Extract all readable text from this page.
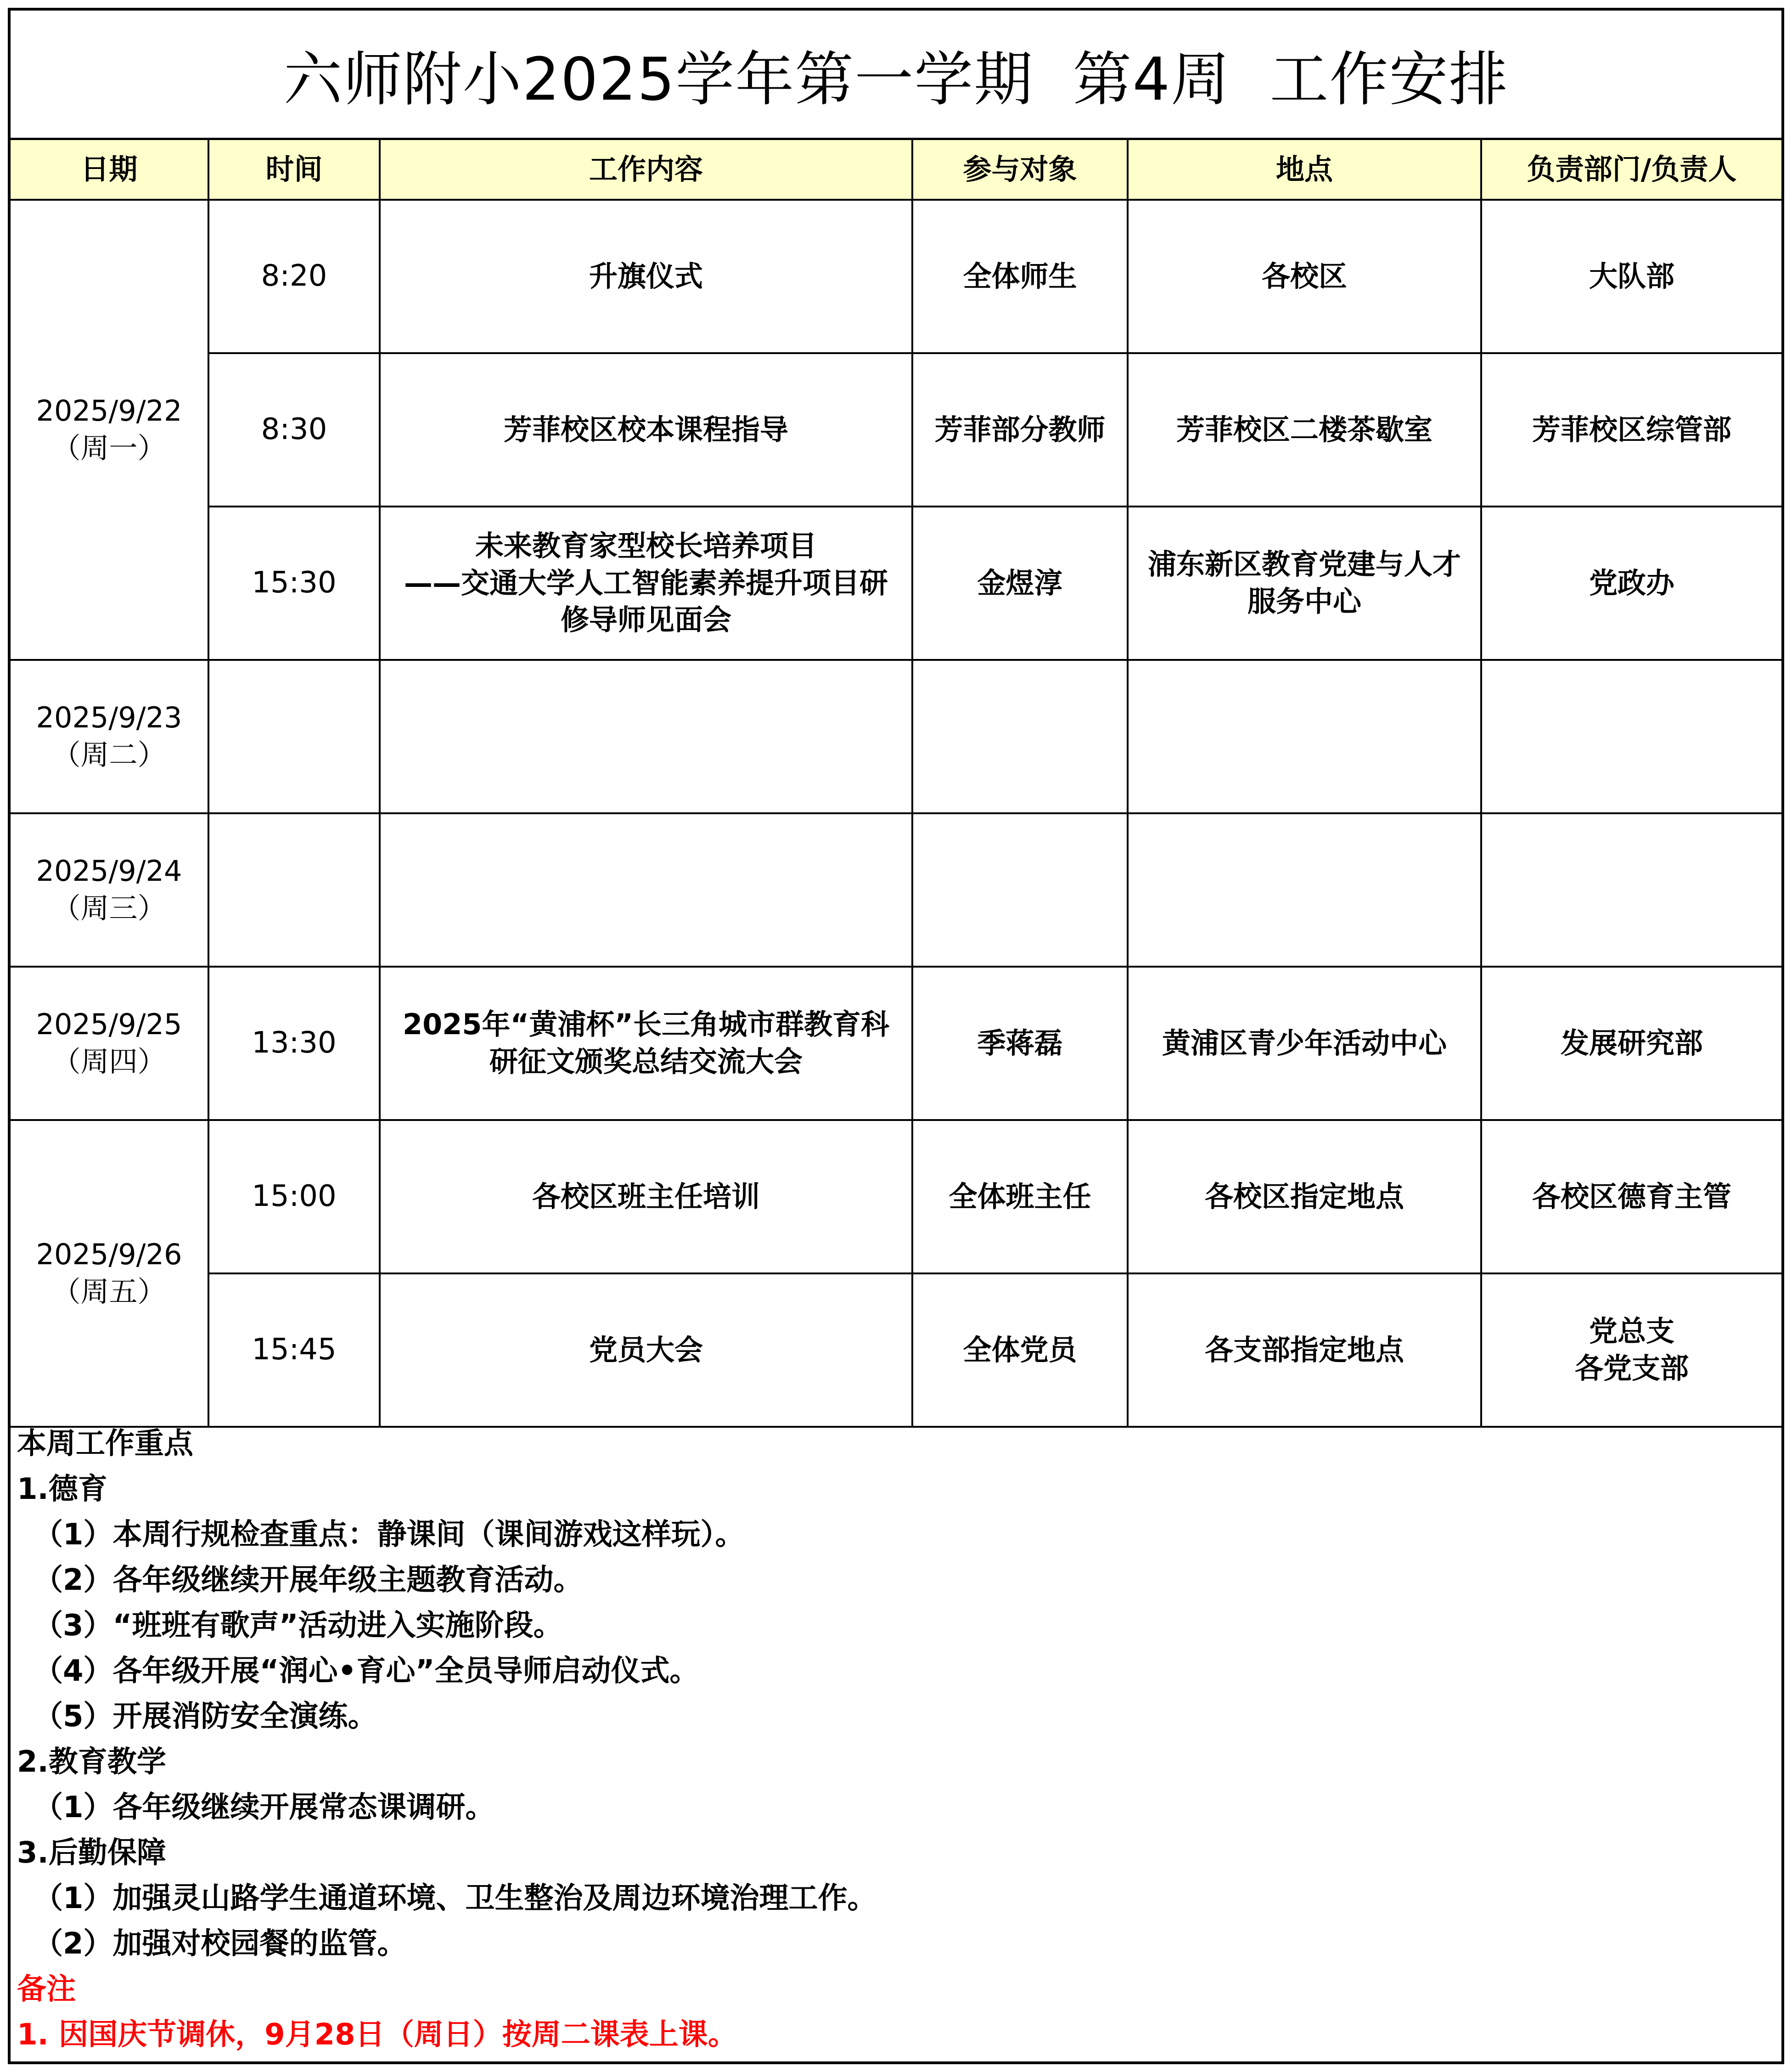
六师附小2025学年第一学期  第4周  工作安排
日期	时间	工作内容	参与对象	地点	负责部门/负责人

2025/9/22
（周一）	8:20	升旗仪式	全体师生	各校区	大队部

	8:30	芳菲校区校本课程指导	芳菲部分教师	芳菲校区二楼茶歇室	芳菲校区综管部

	15:30	未来教育家型校长培养项目
——交通大学人工智能素养提升项目研
修导师见面会	金煜淳	浦东新区教育党建与人才
服务中心	党政办

2025/9/23
（周二）					

2025/9/24
（周三）					

2025/9/25
（周四）	13:30	2025年“黄浦杯”长三角城市群教育科
研征文颁奖总结交流大会	季蒋磊	黄浦区青少年活动中心	发展研究部

2025/9/26
（周五）	15:00	各校区班主任培训	全体班主任	各校区指定地点	各校区德育主管

	15:45	党员大会	全体党员	各支部指定地点	党总支
各党支部
本周工作重点
1.德育
（1）本周行规检查重点：静课间（课间游戏这样玩）。
（2）各年级继续开展年级主题教育活动。
（3）“班班有歌声”活动进入实施阶段。
（4）各年级开展“润心•育心”全员导师启动仪式。
（5）开展消防安全演练。
2.教育教学
（1）各年级继续开展常态课调研。
3.后勤保障
（1）加强灵山路学生通道环境、卫生整治及周边环境治理工作。
（2）加强对校园餐的监管。
备注
1. 因国庆节调休，9月28日（周日）按周二课表上课。
